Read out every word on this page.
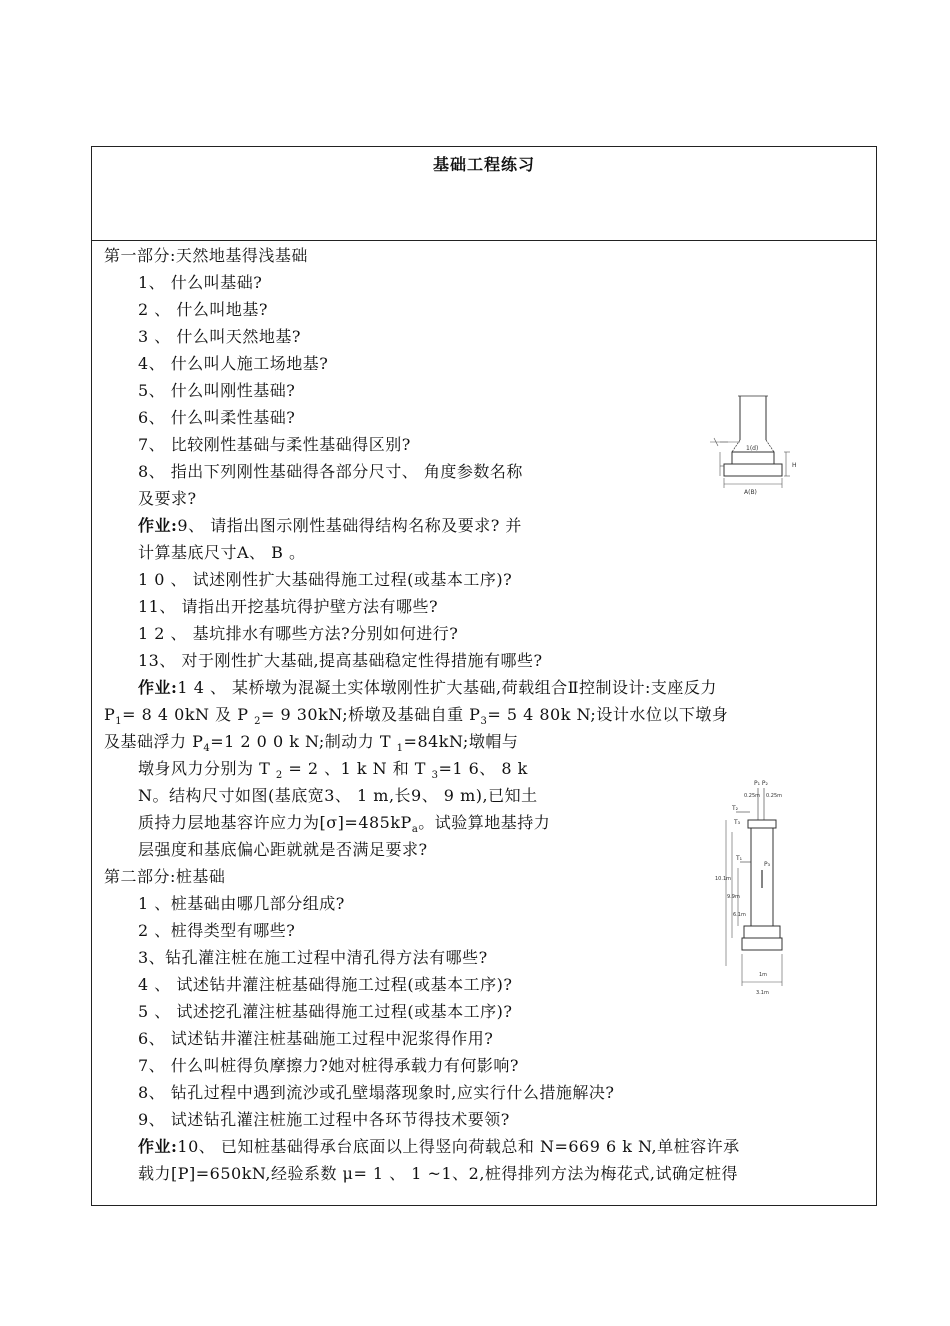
基础工程练习
第一部分:天然地基得浅基础
1、 什么叫基础?
2 、 什么叫地基?
3 、 什么叫天然地基?
4、 什么叫人施工场地基?
5、 什么叫刚性基础?
6、 什么叫柔性基础?
7、 比较刚性基础与柔性基础得区别?
8、 指出下列刚性基础得各部分尺寸、 角度参数名称
及要求?
作业:9、 请指出图示刚性基础得结构名称及要求? 并
计算基底尺寸A、 B 。
1 0 、 试述刚性扩大基础得施工过程(或基本工序)?
11、 请指出开挖基坑得护壁方法有哪些?
1 2 、 基坑排水有哪些方法?分别如何进行?
13、 对于刚性扩大基础,提高基础稳定性得措施有哪些?
作业:1 4 、 某桥墩为混凝土实体墩刚性扩大基础,荷载组合Ⅱ控制设计:支座反力
$P_1= 8$ 4 0kN 及 P $_2$= 9 30kN;桥墩及基础自重 $P_3= 5$ 4 80k N;设计水位以下墩身
及基础浮力 $P_4=1$ 2 0 0 k N;制动力 T $_1$=84kN;墩帽与
墩身风力分别为 T $_2$ = 2 、1 k N 和 T $_3$=1 6、 8 k
N。结构尺寸如图(基底宽3、 1 m,长9、 9 m),已知土
质持力层地基容许应力为$[\sigma]=485kP_a$。试验算地基持力
层强度和基底偏心距就就是否满足要求?
第二部分:桩基础
1 、桩基础由哪几部分组成?
2 、桩得类型有哪些?
3、钻孔灌注桩在施工过程中清孔得方法有哪些?
4 、 试述钻井灌注桩基础得施工过程(或基本工序)?
5 、 试述挖孔灌注桩基础得施工过程(或基本工序)?
6、 试述钻井灌注桩基础施工过程中泥浆得作用?
7、 什么叫桩得负摩擦力?她对桩得承载力有何影响?
8、 钻孔过程中遇到流沙或孔壁塌落现象时,应实行什么措施解决?
9、 试述钻孔灌注桩施工过程中各环节得技术要领?
作业:10、 已知桩基础得承台底面以上得竖向荷载总和 N=669 6 k N,单桩容许承
载力[P]=650kN,经验系数 μ= 1 、 1 ~1、2,桩得排列方法为梅花式,试确定桩得
1(d)
H
A(B)
P₁ P₂
0.25m 0.25m
T₂
T₃
T₁
P₃
10.1m
9.9m
6.1m
1m
3.1m
